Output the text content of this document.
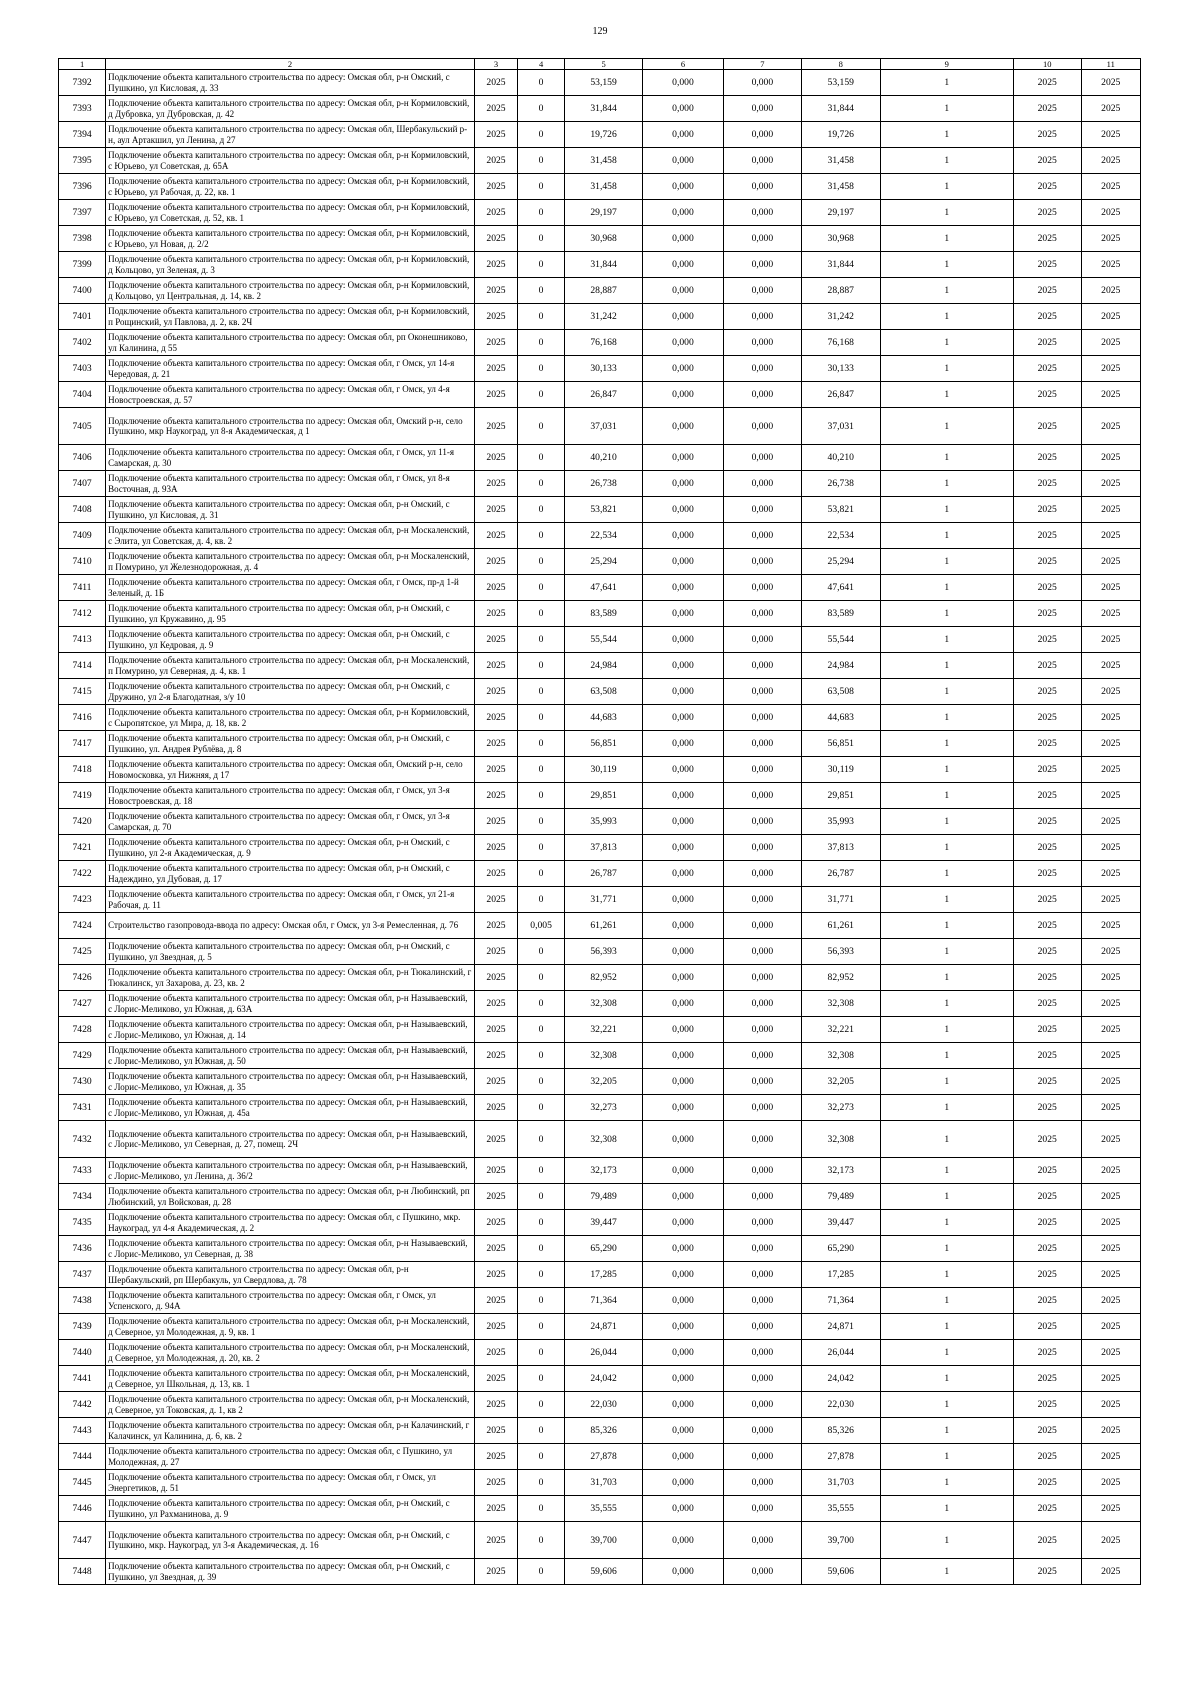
129
1	2	3	4	5	6	7	8	9	10	11
7392	Подключение объекта капитального строительства по адресу: Омская обл, р-н Омский, с Пушкино, ул Кисловая, д. 33	2025	0	53,159	0,000	0,000	53,159	1	2025	2025
7393	Подключение объекта капитального строительства по адресу: Омская обл, р-н Кормиловский, д Дубровка, ул Дубровская, д. 42	2025	0	31,844	0,000	0,000	31,844	1	2025	2025
7394	Подключение объекта капитального строительства по адресу: Омская обл, Шербакульский р-н, аул Артакшил, ул Ленина, д 27	2025	0	19,726	0,000	0,000	19,726	1	2025	2025
7395	Подключение объекта капитального строительства по адресу: Омская обл, р-н Кормиловский, с Юрьево, ул Советская, д. 65А	2025	0	31,458	0,000	0,000	31,458	1	2025	2025
7396	Подключение объекта капитального строительства по адресу: Омская обл, р-н Кормиловский, с Юрьево, ул Рабочая, д. 22, кв. 1	2025	0	31,458	0,000	0,000	31,458	1	2025	2025
7397	Подключение объекта капитального строительства по адресу: Омская обл, р-н Кормиловский, с Юрьево, ул Советская, д. 52, кв. 1	2025	0	29,197	0,000	0,000	29,197	1	2025	2025
7398	Подключение объекта капитального строительства по адресу: Омская обл, р-н Кормиловский, с Юрьево, ул Новая, д. 2/2	2025	0	30,968	0,000	0,000	30,968	1	2025	2025
7399	Подключение объекта капитального строительства по адресу: Омская обл, р-н Кормиловский, д Кольцово, ул Зеленая, д. 3	2025	0	31,844	0,000	0,000	31,844	1	2025	2025
7400	Подключение объекта капитального строительства по адресу: Омская обл, р-н Кормиловский, д Кольцово, ул Центральная, д. 14, кв. 2	2025	0	28,887	0,000	0,000	28,887	1	2025	2025
7401	Подключение объекта капитального строительства по адресу: Омская обл, р-н Кормиловский, п Рощинский, ул Павлова, д. 2, кв. 2Ч	2025	0	31,242	0,000	0,000	31,242	1	2025	2025
7402	Подключение объекта капитального строительства по адресу: Омская обл, рп Оконешниково, ул Калинина, д 55	2025	0	76,168	0,000	0,000	76,168	1	2025	2025
7403	Подключение объекта капитального строительства по адресу: Омская обл, г Омск, ул 14-я Чередовая, д. 21	2025	0	30,133	0,000	0,000	30,133	1	2025	2025
7404	Подключение объекта капитального строительства по адресу: Омская обл, г Омск, ул 4-я Новостроевская, д. 57	2025	0	26,847	0,000	0,000	26,847	1	2025	2025
7405	Подключение объекта капитального строительства по адресу: Омская обл, Омский р-н, село Пушкино, мкр Наукоград, ул 8-я Академическая, д 1	2025	0	37,031	0,000	0,000	37,031	1	2025	2025
7406	Подключение объекта капитального строительства по адресу: Омская обл, г Омск, ул 11-я Самарская, д. 30	2025	0	40,210	0,000	0,000	40,210	1	2025	2025
7407	Подключение объекта капитального строительства по адресу: Омская обл, г Омск, ул 8-я Восточная, д. 93А	2025	0	26,738	0,000	0,000	26,738	1	2025	2025
7408	Подключение объекта капитального строительства по адресу: Омская обл, р-н Омский, с Пушкино, ул Кисловая, д. 31	2025	0	53,821	0,000	0,000	53,821	1	2025	2025
7409	Подключение объекта капитального строительства по адресу: Омская обл, р-н Москаленский, с Элита, ул Советская, д. 4, кв. 2	2025	0	22,534	0,000	0,000	22,534	1	2025	2025
7410	Подключение объекта капитального строительства по адресу: Омская обл, р-н Москаленский, п Помурино, ул Железнодорожная, д. 4	2025	0	25,294	0,000	0,000	25,294	1	2025	2025
7411	Подключение объекта капитального строительства по адресу: Омская обл, г Омск, пр-д 1-й Зеленый, д. 1Б	2025	0	47,641	0,000	0,000	47,641	1	2025	2025
7412	Подключение объекта капитального строительства по адресу: Омская обл, р-н Омский, с Пушкино, ул Кружавино, д. 95	2025	0	83,589	0,000	0,000	83,589	1	2025	2025
7413	Подключение объекта капитального строительства по адресу: Омская обл, р-н Омский, с Пушкино, ул Кедровая, д. 9	2025	0	55,544	0,000	0,000	55,544	1	2025	2025
7414	Подключение объекта капитального строительства по адресу: Омская обл, р-н Москаленский, п Помурино, ул Северная, д. 4, кв. 1	2025	0	24,984	0,000	0,000	24,984	1	2025	2025
7415	Подключение объекта капитального строительства по адресу: Омская обл, р-н Омский, с Дружино, ул 2-я Благодатная, з/у 10	2025	0	63,508	0,000	0,000	63,508	1	2025	2025
7416	Подключение объекта капитального строительства по адресу: Омская обл, р-н Кормиловский, с Сыропятское, ул Мира, д. 18, кв. 2	2025	0	44,683	0,000	0,000	44,683	1	2025	2025
7417	Подключение объекта капитального строительства по адресу: Омская обл, р-н Омский, с Пушкино, ул. Андрея Рублёва, д. 8	2025	0	56,851	0,000	0,000	56,851	1	2025	2025
7418	Подключение объекта капитального строительства по адресу: Омская обл, Омский р-н, село Новомосковка, ул Нижняя, д 17	2025	0	30,119	0,000	0,000	30,119	1	2025	2025
7419	Подключение объекта капитального строительства по адресу: Омская обл, г Омск, ул 3-я Новостроевская, д. 18	2025	0	29,851	0,000	0,000	29,851	1	2025	2025
7420	Подключение объекта капитального строительства по адресу: Омская обл, г Омск, ул 3-я Самарская, д. 70	2025	0	35,993	0,000	0,000	35,993	1	2025	2025
7421	Подключение объекта капитального строительства по адресу: Омская обл, р-н Омский, с Пушкино, ул 2-я Академическая, д. 9	2025	0	37,813	0,000	0,000	37,813	1	2025	2025
7422	Подключение объекта капитального строительства по адресу: Омская обл, р-н Омский, с Надеждино, ул Дубовая, д. 17	2025	0	26,787	0,000	0,000	26,787	1	2025	2025
7423	Подключение объекта капитального строительства по адресу: Омская обл, г Омск, ул 21-я Рабочая, д. 11	2025	0	31,771	0,000	0,000	31,771	1	2025	2025
7424	Строительство газопровода-ввода по адресу: Омская обл, г Омск, ул 3-я Ремесленная, д. 76	2025	0,005	61,261	0,000	0,000	61,261	1	2025	2025
7425	Подключение объекта капитального строительства по адресу: Омская обл, р-н Омский, с Пушкино, ул Звездная, д. 5	2025	0	56,393	0,000	0,000	56,393	1	2025	2025
7426	Подключение объекта капитального строительства по адресу: Омская обл, р-н Тюкалинский, г Тюкалинск, ул Захарова, д. 23, кв. 2	2025	0	82,952	0,000	0,000	82,952	1	2025	2025
7427	Подключение объекта капитального строительства по адресу: Омская обл, р-н Называевский, с Лорис-Меликово, ул Южная, д. 63А	2025	0	32,308	0,000	0,000	32,308	1	2025	2025
7428	Подключение объекта капитального строительства по адресу: Омская обл, р-н Называевский, с Лорис-Меликово, ул Южная, д. 14	2025	0	32,221	0,000	0,000	32,221	1	2025	2025
7429	Подключение объекта капитального строительства по адресу: Омская обл, р-н Называевский, с Лорис-Меликово, ул Южная, д. 50	2025	0	32,308	0,000	0,000	32,308	1	2025	2025
7430	Подключение объекта капитального строительства по адресу: Омская обл, р-н Называевский, с Лорис-Меликово, ул Южная, д. 35	2025	0	32,205	0,000	0,000	32,205	1	2025	2025
7431	Подключение объекта капитального строительства по адресу: Омская обл, р-н Называевский, с Лорис-Меликово, ул Южная, д. 45а	2025	0	32,273	0,000	0,000	32,273	1	2025	2025
7432	Подключение объекта капитального строительства по адресу: Омская обл, р-н Называевский, с Лорис-Меликово, ул Северная, д. 27, помещ. 2Ч	2025	0	32,308	0,000	0,000	32,308	1	2025	2025
7433	Подключение объекта капитального строительства по адресу: Омская обл, р-н Называевский, с Лорис-Меликово, ул Ленина, д. 36/2	2025	0	32,173	0,000	0,000	32,173	1	2025	2025
7434	Подключение объекта капитального строительства по адресу: Омская обл, р-н Любинский, рп Любинский, ул Войсковая, д. 28	2025	0	79,489	0,000	0,000	79,489	1	2025	2025
7435	Подключение объекта капитального строительства по адресу: Омская обл, с Пушкино, мкр. Наукоград, ул 4-я Академическая, д. 2	2025	0	39,447	0,000	0,000	39,447	1	2025	2025
7436	Подключение объекта капитального строительства по адресу: Омская обл, р-н Называевский, с Лорис-Меликово, ул Северная, д. 38	2025	0	65,290	0,000	0,000	65,290	1	2025	2025
7437	Подключение объекта капитального строительства по адресу: Омская обл, р-н Шербакульский, рп Шербакуль, ул Свердлова, д. 78	2025	0	17,285	0,000	0,000	17,285	1	2025	2025
7438	Подключение объекта капитального строительства по адресу: Омская обл, г Омск, ул Успенского, д. 94А	2025	0	71,364	0,000	0,000	71,364	1	2025	2025
7439	Подключение объекта капитального строительства по адресу: Омская обл, р-н Москаленский, д Северное, ул Молодежная, д. 9, кв. 1	2025	0	24,871	0,000	0,000	24,871	1	2025	2025
7440	Подключение объекта капитального строительства по адресу: Омская обл, р-н Москаленский, д Северное, ул Молодежная, д. 20, кв. 2	2025	0	26,044	0,000	0,000	26,044	1	2025	2025
7441	Подключение объекта капитального строительства по адресу: Омская обл, р-н Москаленский, д Северное, ул Школьная, д. 13, кв. 1	2025	0	24,042	0,000	0,000	24,042	1	2025	2025
7442	Подключение объекта капитального строительства по адресу: Омская обл, р-н Москаленский, д Северное, ул Токовская, д. 1, кв 2	2025	0	22,030	0,000	0,000	22,030	1	2025	2025
7443	Подключение объекта капитального строительства по адресу: Омская обл, р-н Калачинский, г Калачинск, ул Калинина, д. 6, кв. 2	2025	0	85,326	0,000	0,000	85,326	1	2025	2025
7444	Подключение объекта капитального строительства по адресу: Омская обл, с Пушкино, ул Молодежная, д. 27	2025	0	27,878	0,000	0,000	27,878	1	2025	2025
7445	Подключение объекта капитального строительства по адресу: Омская обл, г Омск, ул Энергетиков, д. 51	2025	0	31,703	0,000	0,000	31,703	1	2025	2025
7446	Подключение объекта капитального строительства по адресу: Омская обл, р-н Омский, с Пушкино, ул Рахманинова, д. 9	2025	0	35,555	0,000	0,000	35,555	1	2025	2025
7447	Подключение объекта капитального строительства по адресу: Омская обл, р-н Омский, с Пушкино, мкр. Наукоград, ул 3-я Академическая, д. 16	2025	0	39,700	0,000	0,000	39,700	1	2025	2025
7448	Подключение объекта капитального строительства по адресу: Омская обл, р-н Омский, с Пушкино, ул Звездная, д. 39	2025	0	59,606	0,000	0,000	59,606	1	2025	2025
